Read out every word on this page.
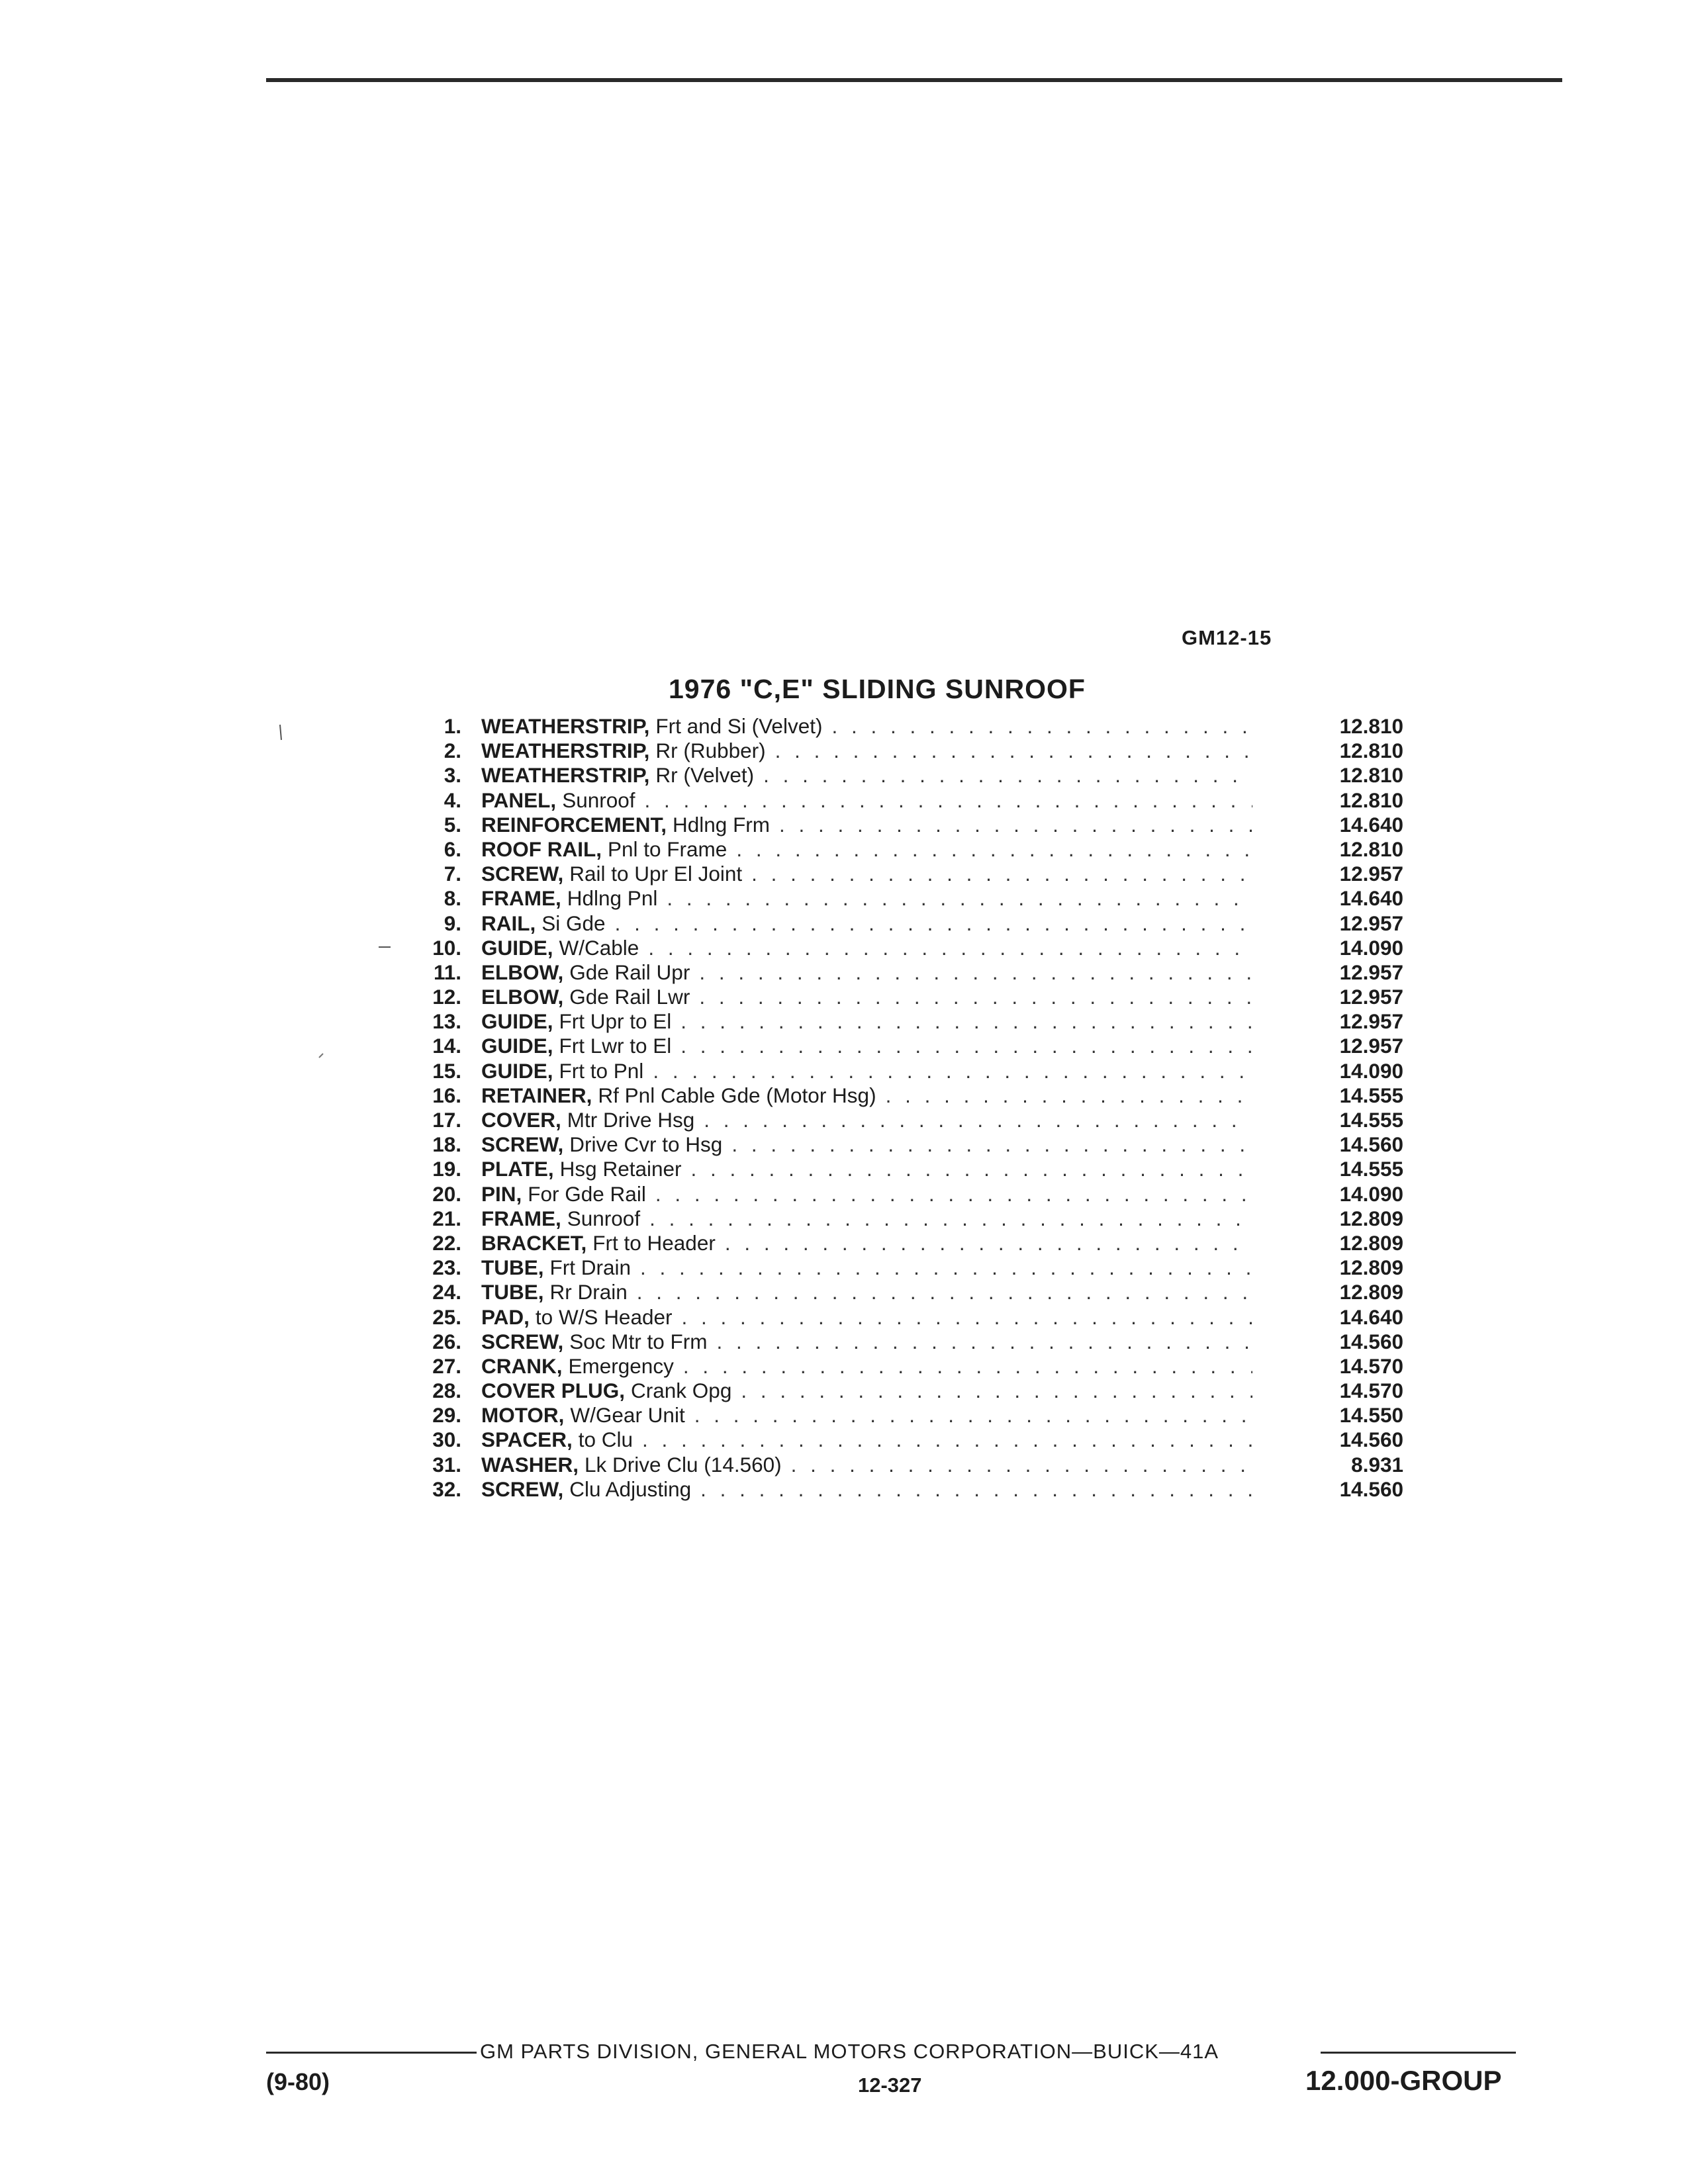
GM12-15
1976 "C,E" SLIDING SUNROOF
1. WEATHERSTRIP, Frt and Si (Velvet) . . .	12.810
2. WEATHERSTRIP, Rr (Rubber) . . .	12.810
3. WEATHERSTRIP, Rr (Velvet) . . .	12.810
4. PANEL, Sunroof . . .	12.810
5. REINFORCEMENT, Hdlng Frm . . .	14.640
6. ROOF RAIL, Pnl to Frame . . .	12.810
7. SCREW, Rail to Upr El Joint . . .	12.957
8. FRAME, Hdlng Pnl . . .	14.640
9. RAIL, Si Gde . . .	12.957
10. GUIDE, W/Cable . . .	14.090
11. ELBOW, Gde Rail Upr . . .	12.957
12. ELBOW, Gde Rail Lwr . . .	12.957
13. GUIDE, Frt Upr to El . . .	12.957
14. GUIDE, Frt Lwr to El . . .	12.957
15. GUIDE, Frt to Pnl . . .	14.090
16. RETAINER, Rf Pnl Cable Gde (Motor Hsg) . . .	14.555
17. COVER, Mtr Drive Hsg . . .	14.555
18. SCREW, Drive Cvr to Hsg . . .	14.560
19. PLATE, Hsg Retainer . . .	14.555
20. PIN, For Gde Rail . . .	14.090
21. FRAME, Sunroof . . .	12.809
22. BRACKET, Frt to Header . . .	12.809
23. TUBE, Frt Drain . . .	12.809
24. TUBE, Rr Drain . . .	12.809
25. PAD, to W/S Header . . .	14.640
26. SCREW, Soc Mtr to Frm . . .	14.560
27. CRANK, Emergency . . .	14.570
28. COVER PLUG, Crank Opg . . .	14.570
29. MOTOR, W/Gear Unit . . .	14.550
30. SPACER, to Clu . . .	14.560
31. WASHER, Lk Drive Clu (14.560) . . .	8.931
32. SCREW, Clu Adjusting . . .	14.560
GM PARTS DIVISION, GENERAL MOTORS CORPORATION—BUICK—41A
(9-80)	12-327	12.000-GROUP
